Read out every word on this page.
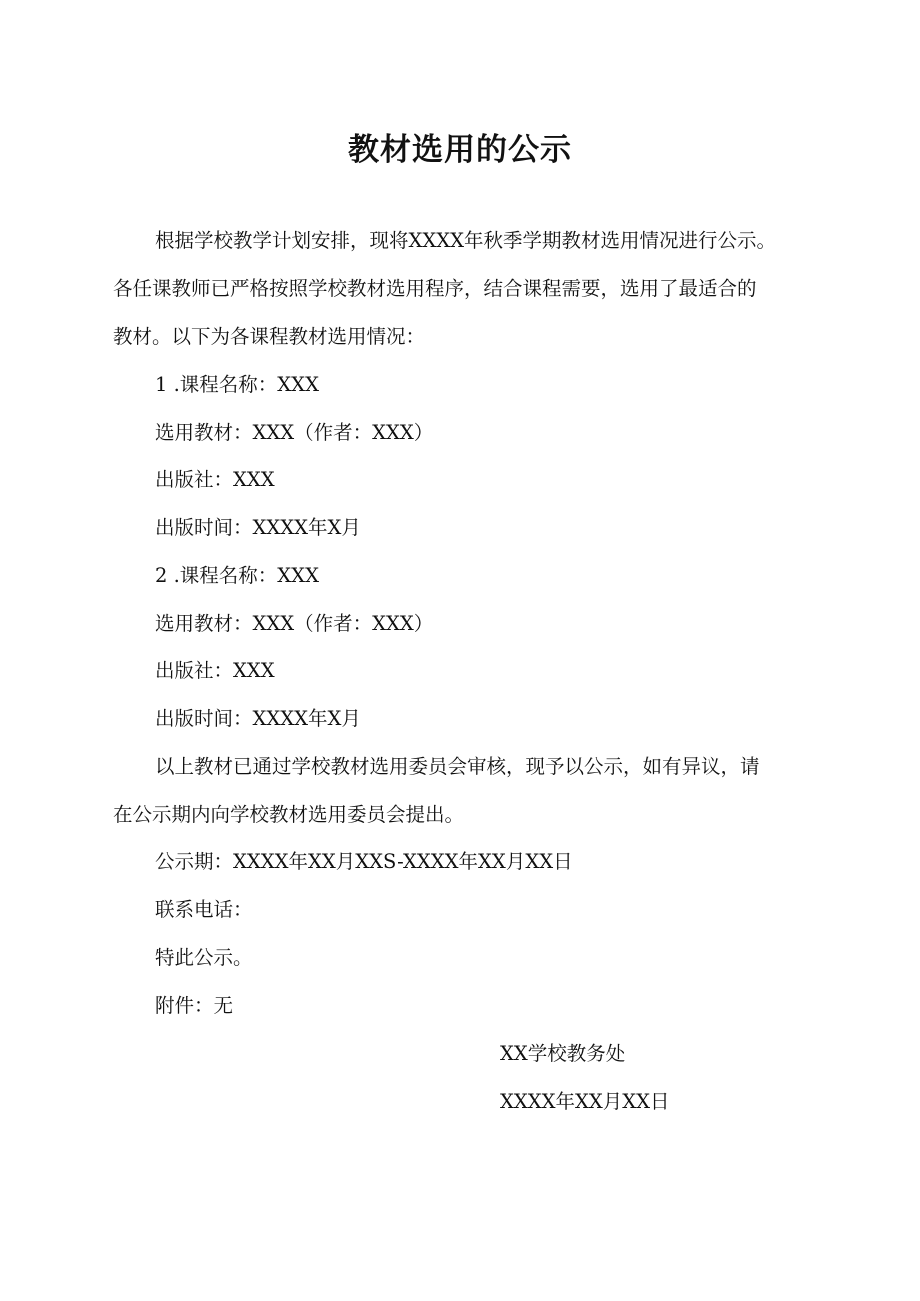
教材选用的公示

根据学校教学计划安排，现将XXXX年秋季学期教材选用情况进行公示。

各任课教师已严格按照学校教材选用程序，结合课程需要，选用了最适合的

教材。以下为各课程教材选用情况：

1 .课程名称：XXX

选用教材：XXX（作者：XXX）

出版社：XXX

出版时间：XXXX年X月

2 .课程名称：XXX

选用教材：XXX（作者：XXX）

出版社：XXX

出版时间：XXXX年X月

以上教材已通过学校教材选用委员会审核，现予以公示，如有异议，请

在公示期内向学校教材选用委员会提出。

公示期：XXXX年XX月XXS-XXXX年XX月XX日

联系电话：

特此公示。

附件：无

XX学校教务处

XXXX年XX月XX日
